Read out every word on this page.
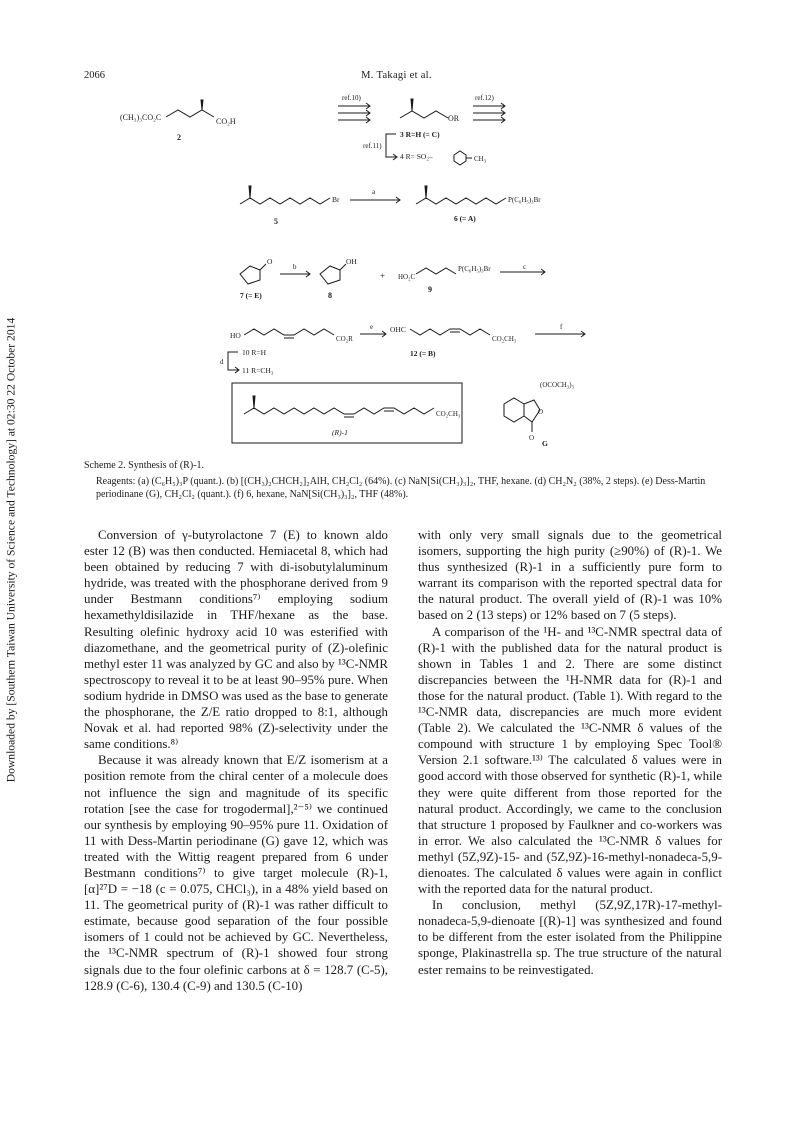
2066	M. Takagi et al.
Downloaded by [Southern Taiwan University of Science and Technology] at 02:30 22 October 2014
(CH₃)₃CO₂C	CO₂H
2
ref.10)
OR
ref.12)
ref.11)
3 R=H (= C)
4 R= SO₂–	CH₃
Br
5
a
P(C₆H₅)₃Br
6 (= A)
O
7 (= E)
b
OH
8
+ HO₂C
P(C₆H₅)₃Br
9
c
HO	CO₂R
e OHC
CO₂CH₃
f
d
10 R=H
11 R=CH₃
12 (= B)
CO₂CH₃
(R)-1
(OCOCH₃)₃
O
O
G

Scheme 2. Synthesis of (R)-1.

Reagents: (a) (C₆H₅)₃P (quant.). (b) [(CH₃)₂CHCH₂]₂AlH, CH₂Cl₂ (64%). (c) NaN[Si(CH₃)₃]₂, THF, hexane. (d) CH₂N₂ (38%, 2 steps). (e) Dess-Martin periodinane (G), CH₂Cl₂ (quant.). (f) 6, hexane, NaN[Si(CH₃)₃]₂, THF (48%).

Conversion of γ-butyrolactone 7 (E) to known aldo ester 12 (B) was then conducted. Hemiacetal 8, which had been obtained by reducing 7 with di-isobutylaluminum hydride, was treated with the phosphorane derived from 9 under Bestmann conditions⁷⁾ employing sodium hexamethyldisilazide in THF/hexane as the base. Resulting olefinic hydroxy acid 10 was esterified with diazomethane, and the geometrical purity of (Z)-olefinic methyl ester 11 was analyzed by GC and also by ¹³C-NMR spectroscopy to reveal it to be at least 90–95% pure. When sodium hydride in DMSO was used as the base to generate the phosphorane, the Z/E ratio dropped to 8:1, although Novak et al. had reported 98% (Z)-selectivity under the same conditions.⁸⁾

Because it was already known that E/Z isomerism at a position remote from the chiral center of a molecule does not influence the sign and magnitude of its specific rotation [see the case for trogodermal],²⁻⁵⁾ we continued our synthesis by employing 90–95% pure 11. Oxidation of 11 with Dess-Martin periodinane (G) gave 12, which was treated with the Wittig reagent prepared from 6 under Bestmann conditions⁷⁾ to give target molecule (R)-1, [α]²⁷D = −18 (c = 0.075, CHCl₃), in a 48% yield based on 11. The geometrical purity of (R)-1 was rather difficult to estimate, because good separation of the four possible isomers of 1 could not be achieved by GC. Nevertheless, the ¹³C-NMR spectrum of (R)-1 showed four strong signals due to the four olefinic carbons at δ = 128.7 (C-5), 128.9 (C-6), 130.4 (C-9) and 130.5 (C-10)

with only very small signals due to the geometrical isomers, supporting the high purity (≥90%) of (R)-1. We thus synthesized (R)-1 in a sufficiently pure form to warrant its comparison with the reported spectral data for the natural product. The overall yield of (R)-1 was 10% based on 2 (13 steps) or 12% based on 7 (5 steps).

A comparison of the ¹H- and ¹³C-NMR spectral data of (R)-1 with the published data for the natural product is shown in Tables 1 and 2. There are some distinct discrepancies between the ¹H-NMR data for (R)-1 and those for the natural product. (Table 1). With regard to the ¹³C-NMR data, discrepancies are much more evident (Table 2). We calculated the ¹³C-NMR δ values of the compound with structure 1 by employing Spec Tool® Version 2.1 software.¹³⁾ The calculated δ values were in good accord with those observed for synthetic (R)-1, while they were quite different from those reported for the natural product. Accordingly, we came to the conclusion that structure 1 proposed by Faulkner and co-workers was in error. We also calculated the ¹³C-NMR δ values for methyl (5Z,9Z)-15- and (5Z,9Z)-16-methyl-nonadeca-5,9-dienoates. The calculated δ values were again in conflict with the reported data for the natural product.

In conclusion, methyl (5Z,9Z,17R)-17-methyl-nonadeca-5,9-dienoate [(R)-1] was synthesized and found to be different from the ester isolated from the Philippine sponge, Plakinastrella sp. The true structure of the natural ester remains to be reinvestigated.
